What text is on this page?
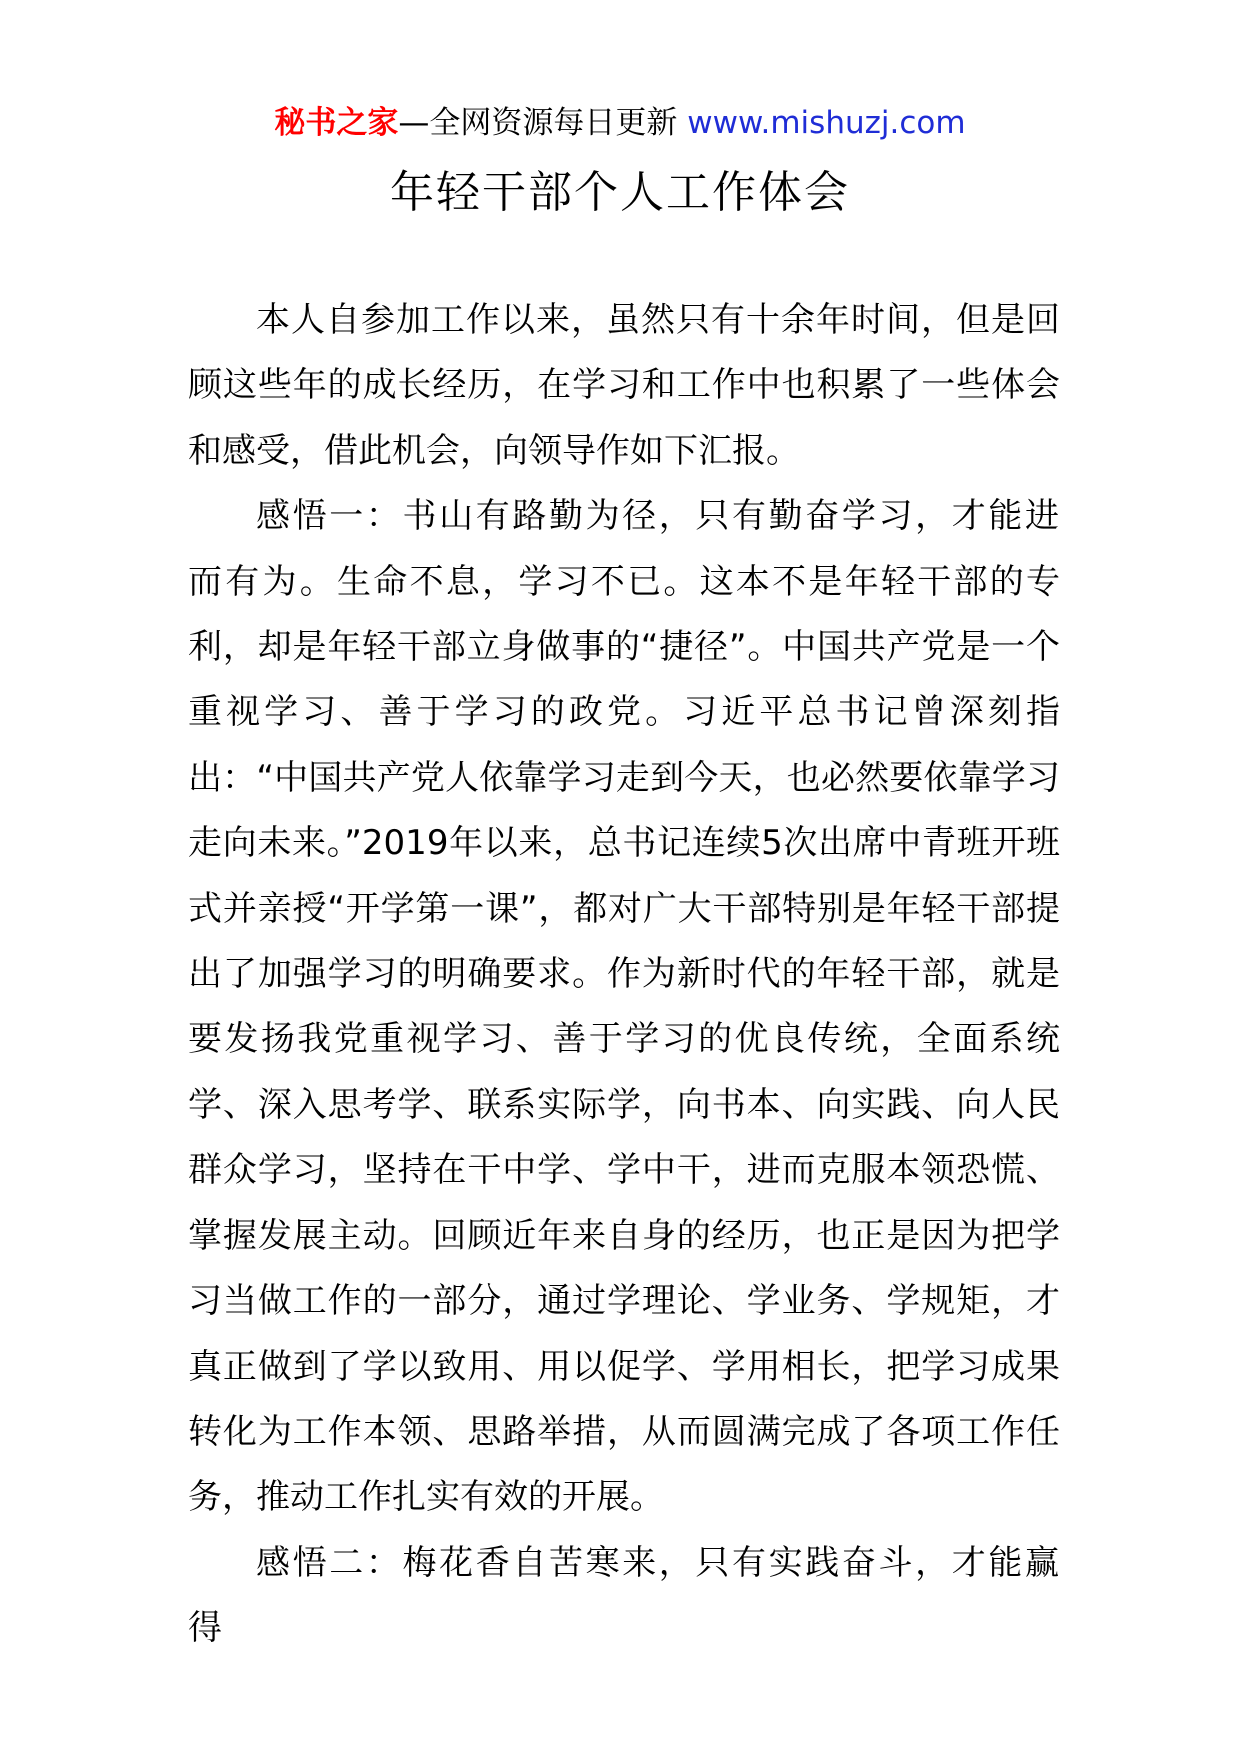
秘书之家—全网资源每日更新 www.mishuzj.com
年轻干部个人工作体会

本人自参加工作以来，虽然只有十余年时间，但是回顾这些年的成长经历，在学习和工作中也积累了一些体会和感受，借此机会，向领导作如下汇报。

感悟一：书山有路勤为径，只有勤奋学习，才能进而有为。生命不息，学习不已。这本不是年轻干部的专利，却是年轻干部立身做事的“捷径”。中国共产党是一个重视学习、善于学习的政党。习近平总书记曾深刻指出：“中国共产党人依靠学习走到今天，也必然要依靠学习走向未来。”2019年以来，总书记连续5次出席中青班开班式并亲授“开学第一课”，都对广大干部特别是年轻干部提出了加强学习的明确要求。作为新时代的年轻干部，就是要发扬我党重视学习、善于学习的优良传统，全面系统学、深入思考学、联系实际学，向书本、向实践、向人民群众学习，坚持在干中学、学中干，进而克服本领恐慌、掌握发展主动。回顾近年来自身的经历，也正是因为把学习当做工作的一部分，通过学理论、学业务、学规矩，才真正做到了学以致用、用以促学、学用相长，把学习成果转化为工作本领、思路举措，从而圆满完成了各项工作任务，推动工作扎实有效的开展。

感悟二：梅花香自苦寒来，只有实践奋斗，才能赢得
